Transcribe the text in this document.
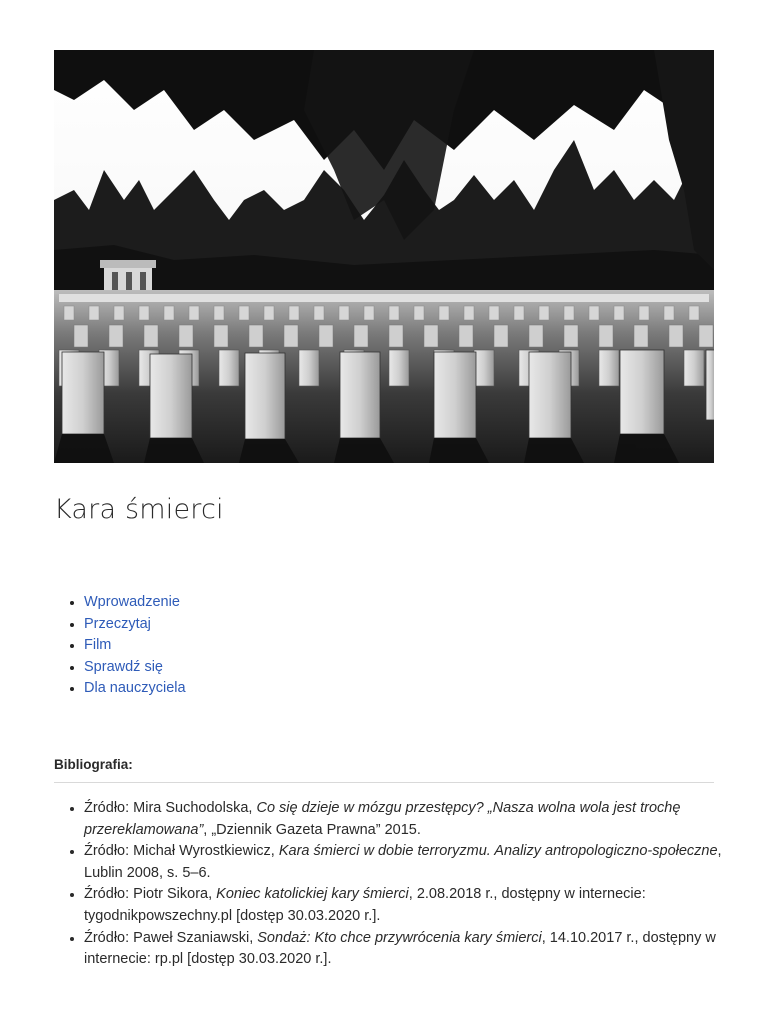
Kara śmierci
• Wprowadzenie
• Przeczytaj
• Film
• Sprawdź się
• Dla nauczyciela
Bibliografia:
• Źródło: Mira Suchodolska, Co się dzieje w mózgu przestępcy? „Nasza wolna wola jest trochę przereklamowana”, „Dziennik Gazeta Prawna” 2015.
• Źródło: Michał Wyrostkiewicz, Kara śmierci w dobie terroryzmu. Analizy antropologiczno-społeczne, Lublin 2008, s. 5–6.
• Źródło: Piotr Sikora, Koniec katolickiej kary śmierci, 2.08.2018 r., dostępny w internecie: tygodnikpowszechny.pl [dostęp 30.03.2020 r.].
• Źródło: Paweł Szaniawski, Sondaż: Kto chce przywrócenia kary śmierci, 14.10.2017 r., dostępny w internecie: rp.pl [dostęp 30.03.2020 r.].
